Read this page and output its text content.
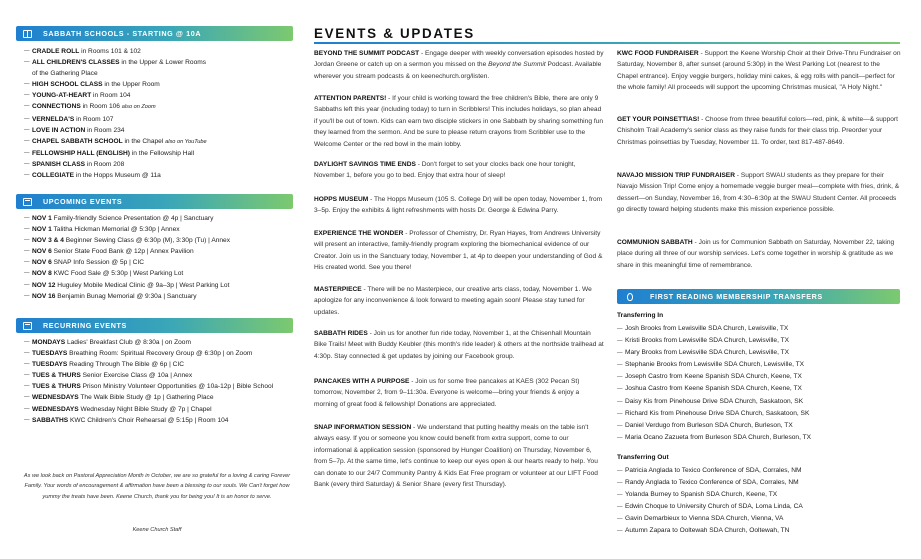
SABBATH SCHOOLS - STARTING @ 10A
— CRADLE ROLL in Rooms 101 & 102
— ALL CHILDREN'S CLASSES in the Upper & Lower Rooms
of the Gathering Place
— HIGH SCHOOL CLASS in the Upper Room
— YOUNG-AT-HEART in Room 104
— CONNECTIONS in Room 106 also on Zoom
— VERNELDA'S in Room 107
— LOVE IN ACTION in Room 234
— CHAPEL SABBATH SCHOOL in the Chapel also on YouTube
— FELLOWSHIP HALL (ENGLISH) in the Fellowship Hall
— SPANISH CLASS in Room 208
— COLLEGIATE in the Hopps Museum @ 11a
UPCOMING EVENTS
— NOV 1 Family-friendly Science Presentation @ 4p | Sanctuary
— NOV 1 Talitha Hickman Memorial @ 5:30p | Annex
— NOV 3 & 4 Beginner Sewing Class @ 6:30p (M), 3:30p (Tu) | Annex
— NOV 6 Senior State Food Bank @ 12p | Annex Pavilion
— NOV 6 SNAP Info Session @ 5p | CIC
— NOV 8 KWC Food Sale @ 5:30p | West Parking Lot
— NOV 12 Huguley Mobile Medical Clinic @ 9a–3p | West Parking Lot
— NOV 16 Benjamin Bunag Memorial @ 9:30a | Sanctuary
RECURRING EVENTS
— MONDAYS Ladies' Breakfast Club @ 8:30a | on Zoom
— TUESDAYS Breathing Room: Spiritual Recovery Group @ 6:30p | on Zoom
— TUESDAYS Reading Through The Bible @ 6p | CIC
— TUES & THURS Senior Exercise Class @ 10a | Annex
— TUES & THURS Prison Ministry Volunteer Opportunities @ 10a-12p | Bible School
— WEDNESDAYS The Walk Bible Study @ 1p | Gathering Place
— WEDNESDAYS Wednesday Night Bible Study @ 7p | Chapel
— SABBATHS KWC Children's Choir Rehearsal @ 5:15p | Room 104
As we look back on Pastoral Appreciation Month in October, we are so grateful for a loving & caring Forever Family. Your words of encouragement & affirmation have been a blessing to our souls. We Can't forget how yummy the treats have been. Keene Church, thank you for being you! It is an honor to serve.
Keene Church Staff
EVENTS & UPDATES

BEYOND THE SUMMIT PODCAST - Engage deeper with weekly conversation episodes hosted by Jordan Greene or catch up on a sermon you missed on the Beyond the Summit Podcast. Available wherever you stream podcasts & on keenechurch.org/listen.

ATTENTION PARENTS! - If your child is working toward the free children's Bible, there are only 9 Sabbaths left this year (including today) to turn in Scribblers! This includes holidays, so plan ahead if you'll be out of town. Kids can earn two disciple stickers in one Sabbath by sharing something fun they learned from the sermon. And be sure to please return crayons from Scribbler use to the Welcome Center or the red bowl in the main lobby.

DAYLIGHT SAVINGS TIME ENDS - Don't forget to set your clocks back one hour tonight, November 1, before you go to bed. Enjoy that extra hour of sleep!

HOPPS MUSEUM - The Hopps Museum (105 S. College Dr) will be open today, November 1, from 3–5p. Enjoy the exhibits & light refreshments with hosts Dr. George & Edwina Parry.

EXPERIENCE THE WONDER - Professor of Chemistry, Dr. Ryan Hayes, from Andrews University will present an interactive, family-friendly program exploring the biomechanical evidence of our Creator. Join us in the Sanctuary today, November 1, at 4p to deepen your understanding of God & His created world. See you there!

MASTERPIECE - There will be no Masterpiece, our creative arts class, today, November 1. We apologize for any inconvenience & look forward to meeting again soon! Please stay tuned for updates.

SABBATH RIDES - Join us for another fun ride today, November 1, at the Chisenhall Mountain Bike Trails! Meet with Buddy Keubler (this month's ride leader) & others at the northside trailhead at 4:30p. Stay connected & get updates by joining our Facebook group.

PANCAKES WITH A PURPOSE - Join us for some free pancakes at KAES (302 Pecan St) tomorrow, November 2, from 9–11:30a. Everyone is welcome—bring your friends & enjoy a morning of great food & fellowship! Donations are appreciated.

SNAP INFORMATION SESSION - We understand that putting healthy meals on the table isn't always easy. If you or someone you know could benefit from extra support, come to our informational & application session (sponsored by Hunger Coalition) on Thursday, November 6, from 5–7p. At the same time, let's continue to keep our eyes open & our hearts ready to help. You can donate to our 24/7 Community Pantry & Kids Eat Free program or volunteer at our LIFT Food Bank (every third Saturday) & Senior Share (every first Thursday).

KWC FOOD FUNDRAISER - Support the Keene Worship Choir at their Drive-Thru Fundraiser on Saturday, November 8, after sunset (around 5:30p) in the West Parking Lot (nearest to the Chapel entrance). Enjoy veggie burgers, holiday mini cakes, & egg rolls with pancit—perfect for the whole family! All proceeds will support the upcoming Christmas musical, "A Holy Night."

GET YOUR POINSETTIAS! - Choose from three beautiful colors—red, pink, & white—& support Chisholm Trail Academy's senior class as they raise funds for their class trip. Preorder your Christmas poinsettias by Tuesday, November 11. To order, text 817-487-8649.

NAVAJO MISSION TRIP FUNDRAISER - Support SWAU students as they prepare for their Navajo Mission Trip! Come enjoy a homemade veggie burger meal—complete with fries, drink, & dessert—on Sunday, November 16, from 4:30–6:30p at the SWAU Student Center. All proceeds go directly toward helping students make this mission experience possible.

COMMUNION SABBATH - Join us for Communion Sabbath on Saturday, November 22, taking place during all three of our worship services. Let's come together in worship & gratitude as we share in this meaningful time of remembrance.

FIRST READING MEMBERSHIP TRANSFERS
Transferring In
— Josh Brooks from Lewisville SDA Church, Lewisville, TX
— Kristi Brooks from Lewisville SDA Church, Lewisville, TX
— Mary Brooks from Lewisville SDA Church, Lewisville, TX
— Stephanie Brooks from Lewisville SDA Church, Lewisville, TX
— Joseph Castro from Keene Spanish SDA Church, Keene, TX
— Joshua Castro from Keene Spanish SDA Church, Keene, TX
— Daisy Kis from Pinehouse Drive SDA Church, Saskatoon, SK
— Richard Kis from Pinehouse Drive SDA Church, Saskatoon, SK
— Daniel Verdugo from Burleson SDA Church, Burleson, TX
— Maria Ocano Zazueta from Burleson SDA Church, Burleson, TX
Transferring Out
— Patricia Anglada to Texico Conference of SDA, Corrales, NM
— Randy Anglada to Texico Conference of SDA, Corrales, NM
— Yolanda Burney to Spanish SDA Church, Keene, TX
— Edwin Choque to University Church of SDA, Loma Linda, CA
— Gavin Demarbieux to Vienna SDA Church, Vienna, VA
— Autumn Zapara to Ooltewah SDA Church, Ooltewah, TN
